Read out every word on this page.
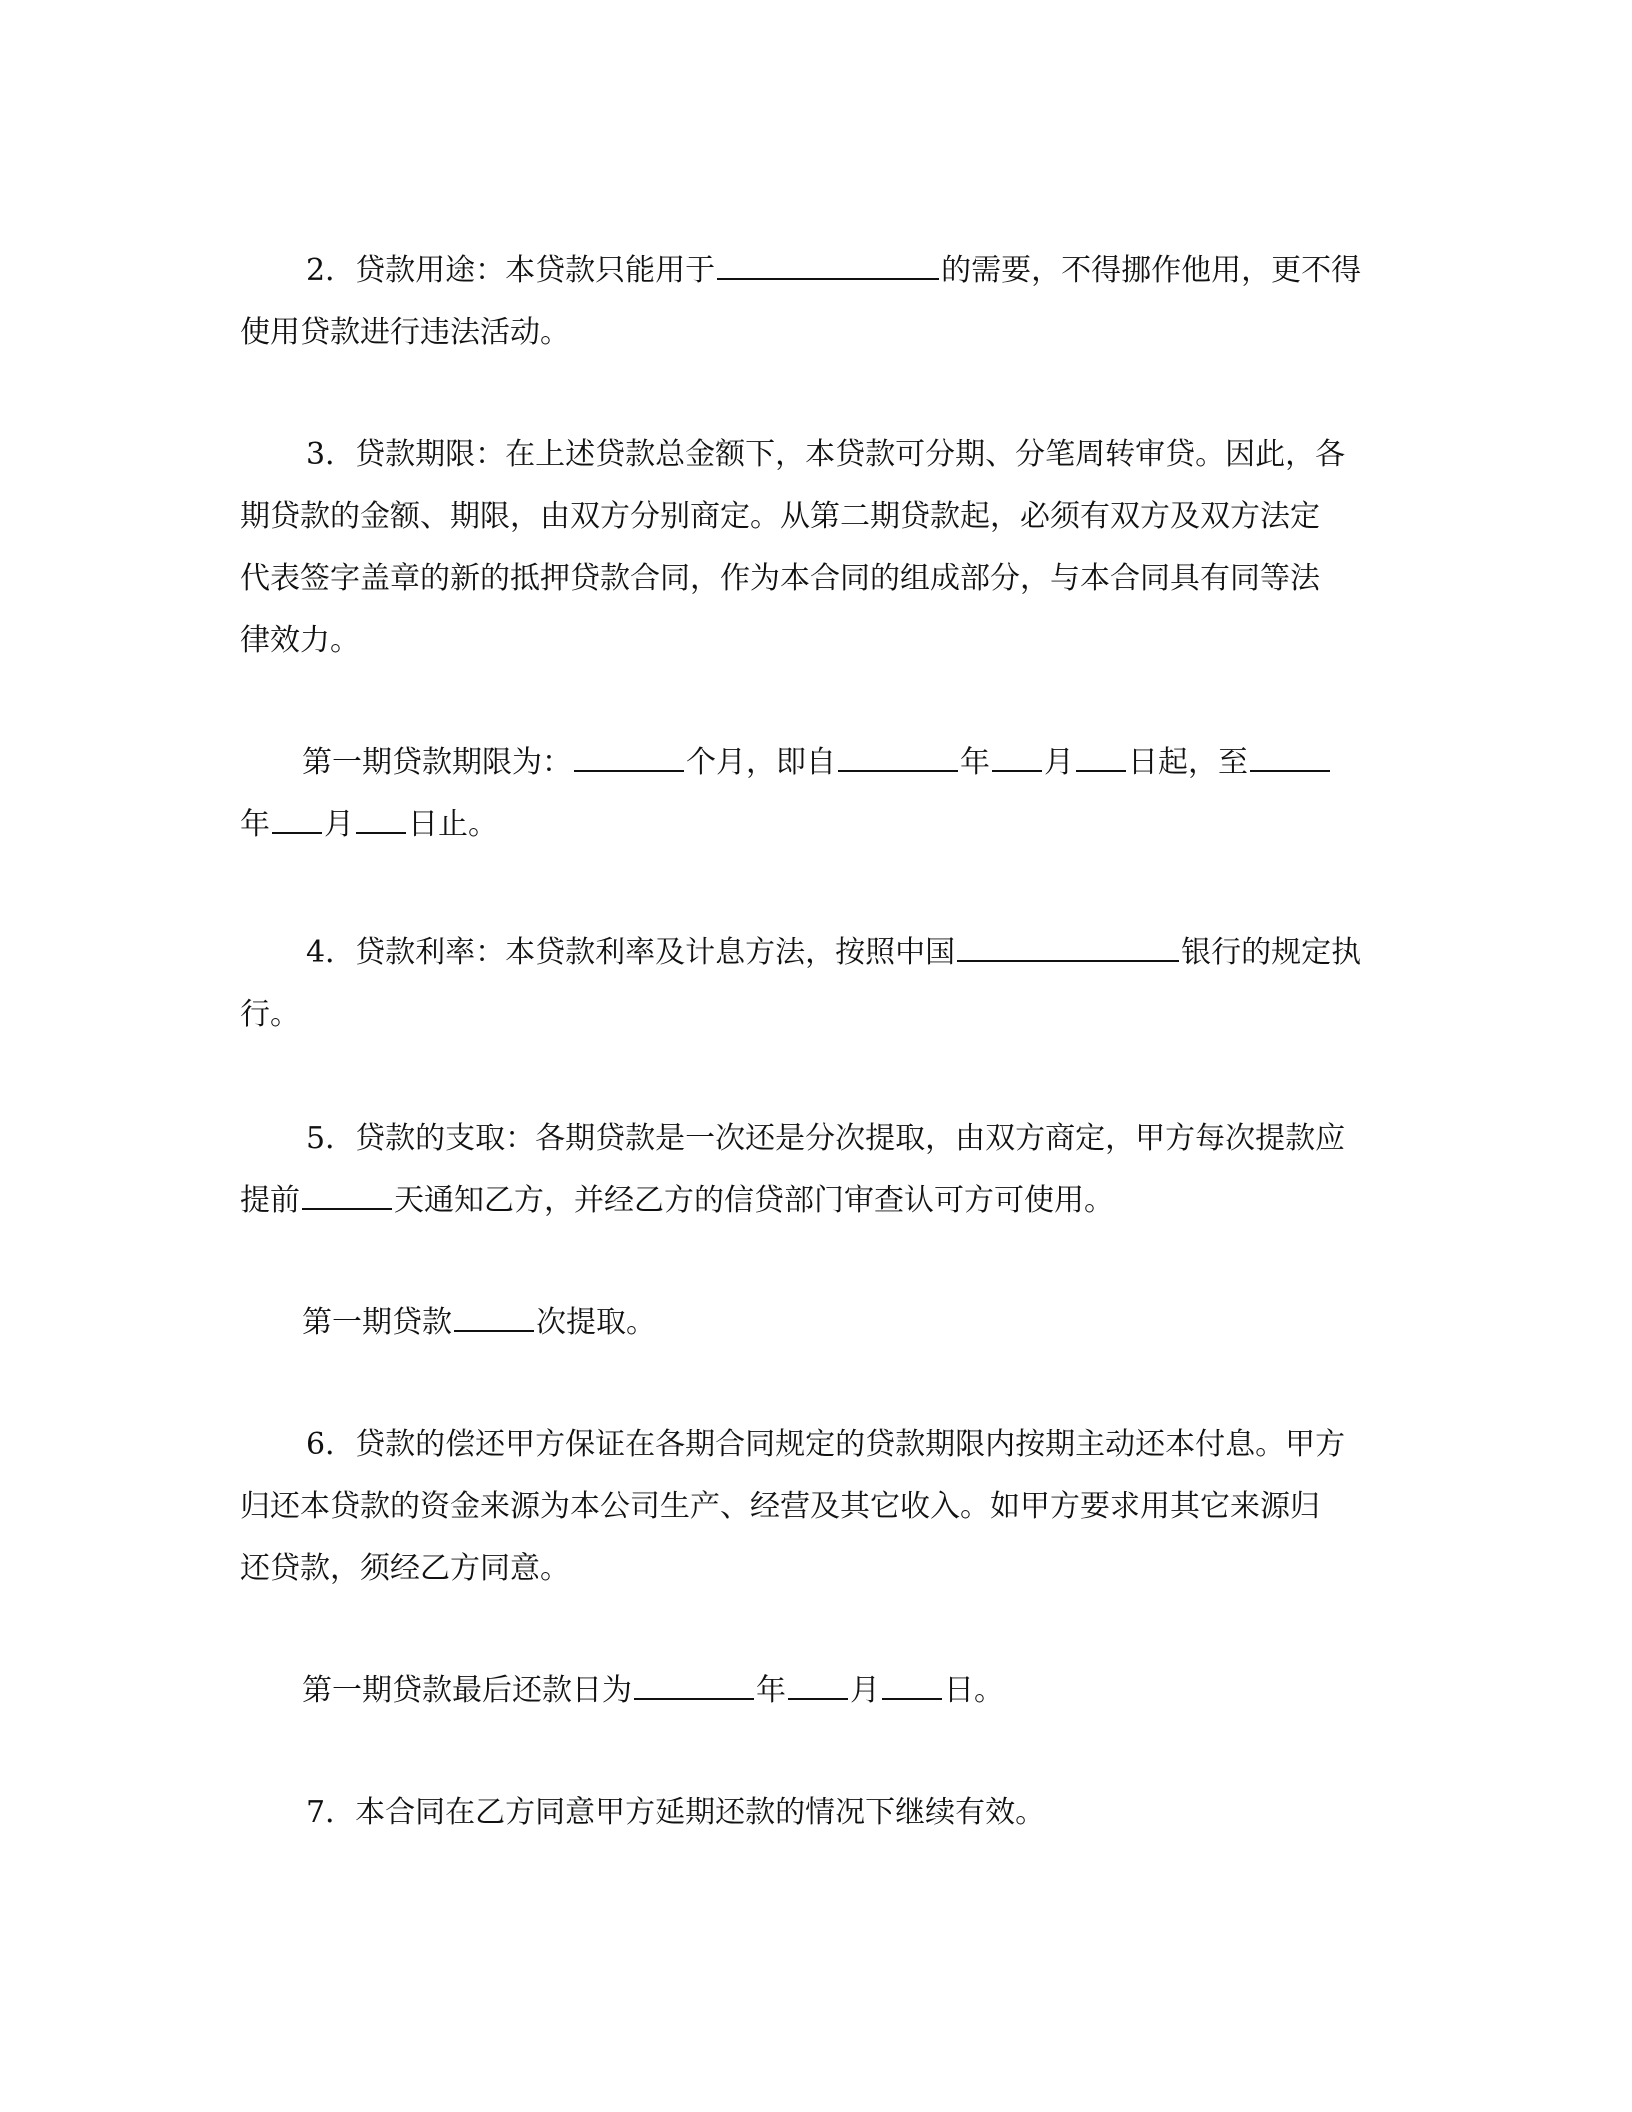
2．贷款用途：本贷款只能用于	的需要，不得挪作他用，更不得
使用贷款进行违法活动。
3．贷款期限：在上述贷款总金额下，本贷款可分期、分笔周转审贷。因此，各
期贷款的金额、期限，由双方分别商定。从第二期贷款起，必须有双方及双方法定
代表签字盖章的新的抵押贷款合同，作为本合同的组成部分，与本合同具有同等法
律效力。
第一期贷款期限为：	个月，即自	年 月 日起，至
年 月 日止。
4．贷款利率：本贷款利率及计息方法，按照中国	银行的规定执
行。
5．贷款的支取：各期贷款是一次还是分次提取，由双方商定，甲方每次提款应
提前	天通知乙方，并经乙方的信贷部门审查认可方可使用。
第一期贷款	次提取。
6．贷款的偿还甲方保证在各期合同规定的贷款期限内按期主动还本付息。甲方
归还本贷款的资金来源为本公司生产、经营及其它收入。如甲方要求用其它来源归
还贷款，须经乙方同意。
第一期贷款最后还款日为	年 月 日。
7．本合同在乙方同意甲方延期还款的情况下继续有效。
